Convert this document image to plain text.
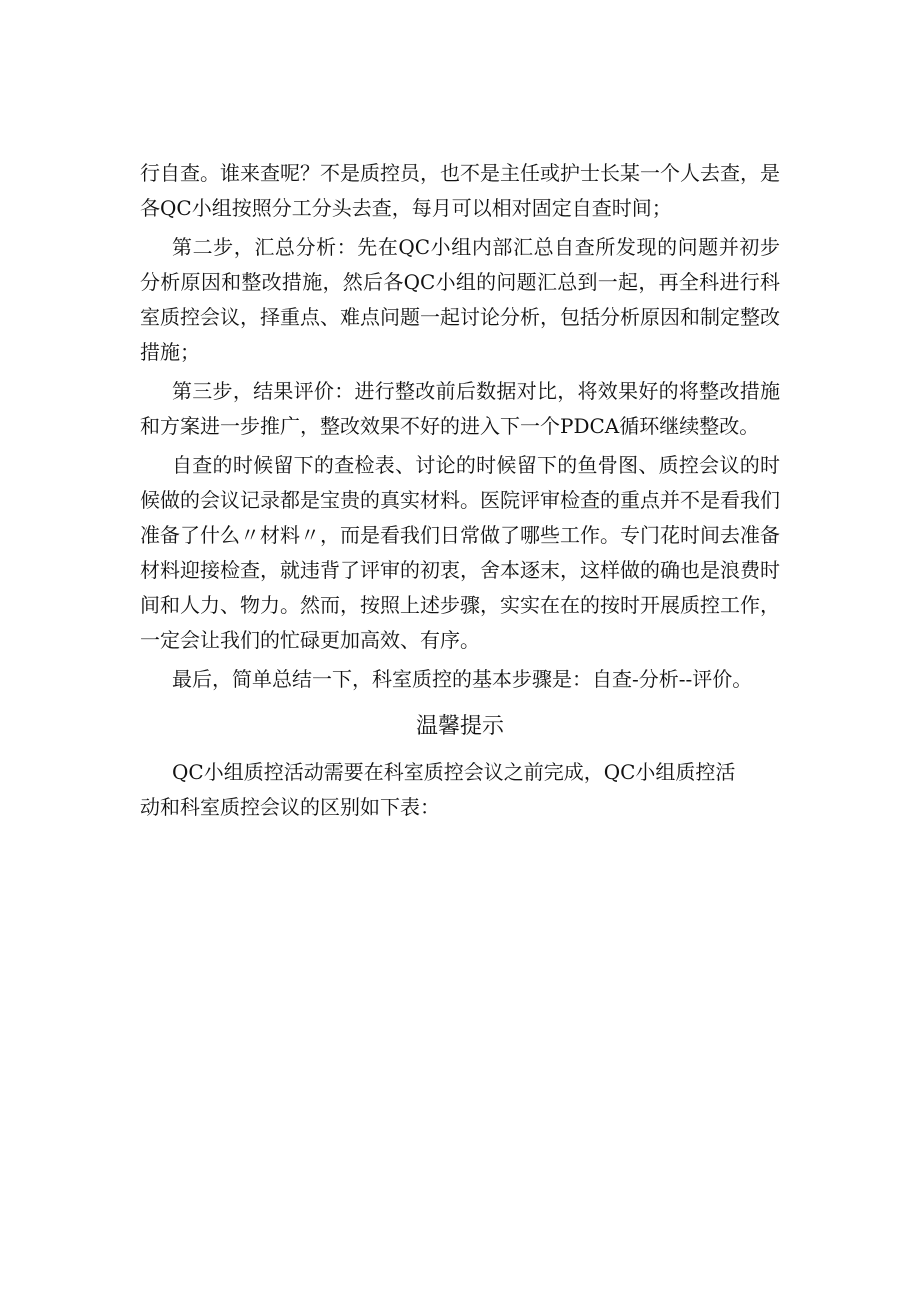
行自查。谁来查呢？不是质控员，也不是主任或护士长某一个人去查，是各QC小组按照分工分头去查，每月可以相对固定自查时间；

第二步，汇总分析：先在QC小组内部汇总自查所发现的问题并初步分析原因和整改措施，然后各QC小组的问题汇总到一起，再全科进行科室质控会议，择重点、难点问题一起讨论分析，包括分析原因和制定整改措施；

第三步，结果评价：进行整改前后数据对比，将效果好的将整改措施和方案进一步推广，整改效果不好的进入下一个PDCA循环继续整改。

自查的时候留下的查检表、讨论的时候留下的鱼骨图、质控会议的时候做的会议记录都是宝贵的真实材料。医院评审检查的重点并不是看我们准备了什么〃材料〃，而是看我们日常做了哪些工作。专门花时间去准备材料迎接检查，就违背了评审的初衷，舍本逐末，这样做的确也是浪费时间和人力、物力。然而，按照上述步骤，实实在在的按时开展质控工作，一定会让我们的忙碌更加高效、有序。

最后，简单总结一下，科室质控的基本步骤是：自查-分析--评价。

温馨提示

QC小组质控活动需要在科室质控会议之前完成，QC小组质控活动和科室质控会议的区别如下表：
